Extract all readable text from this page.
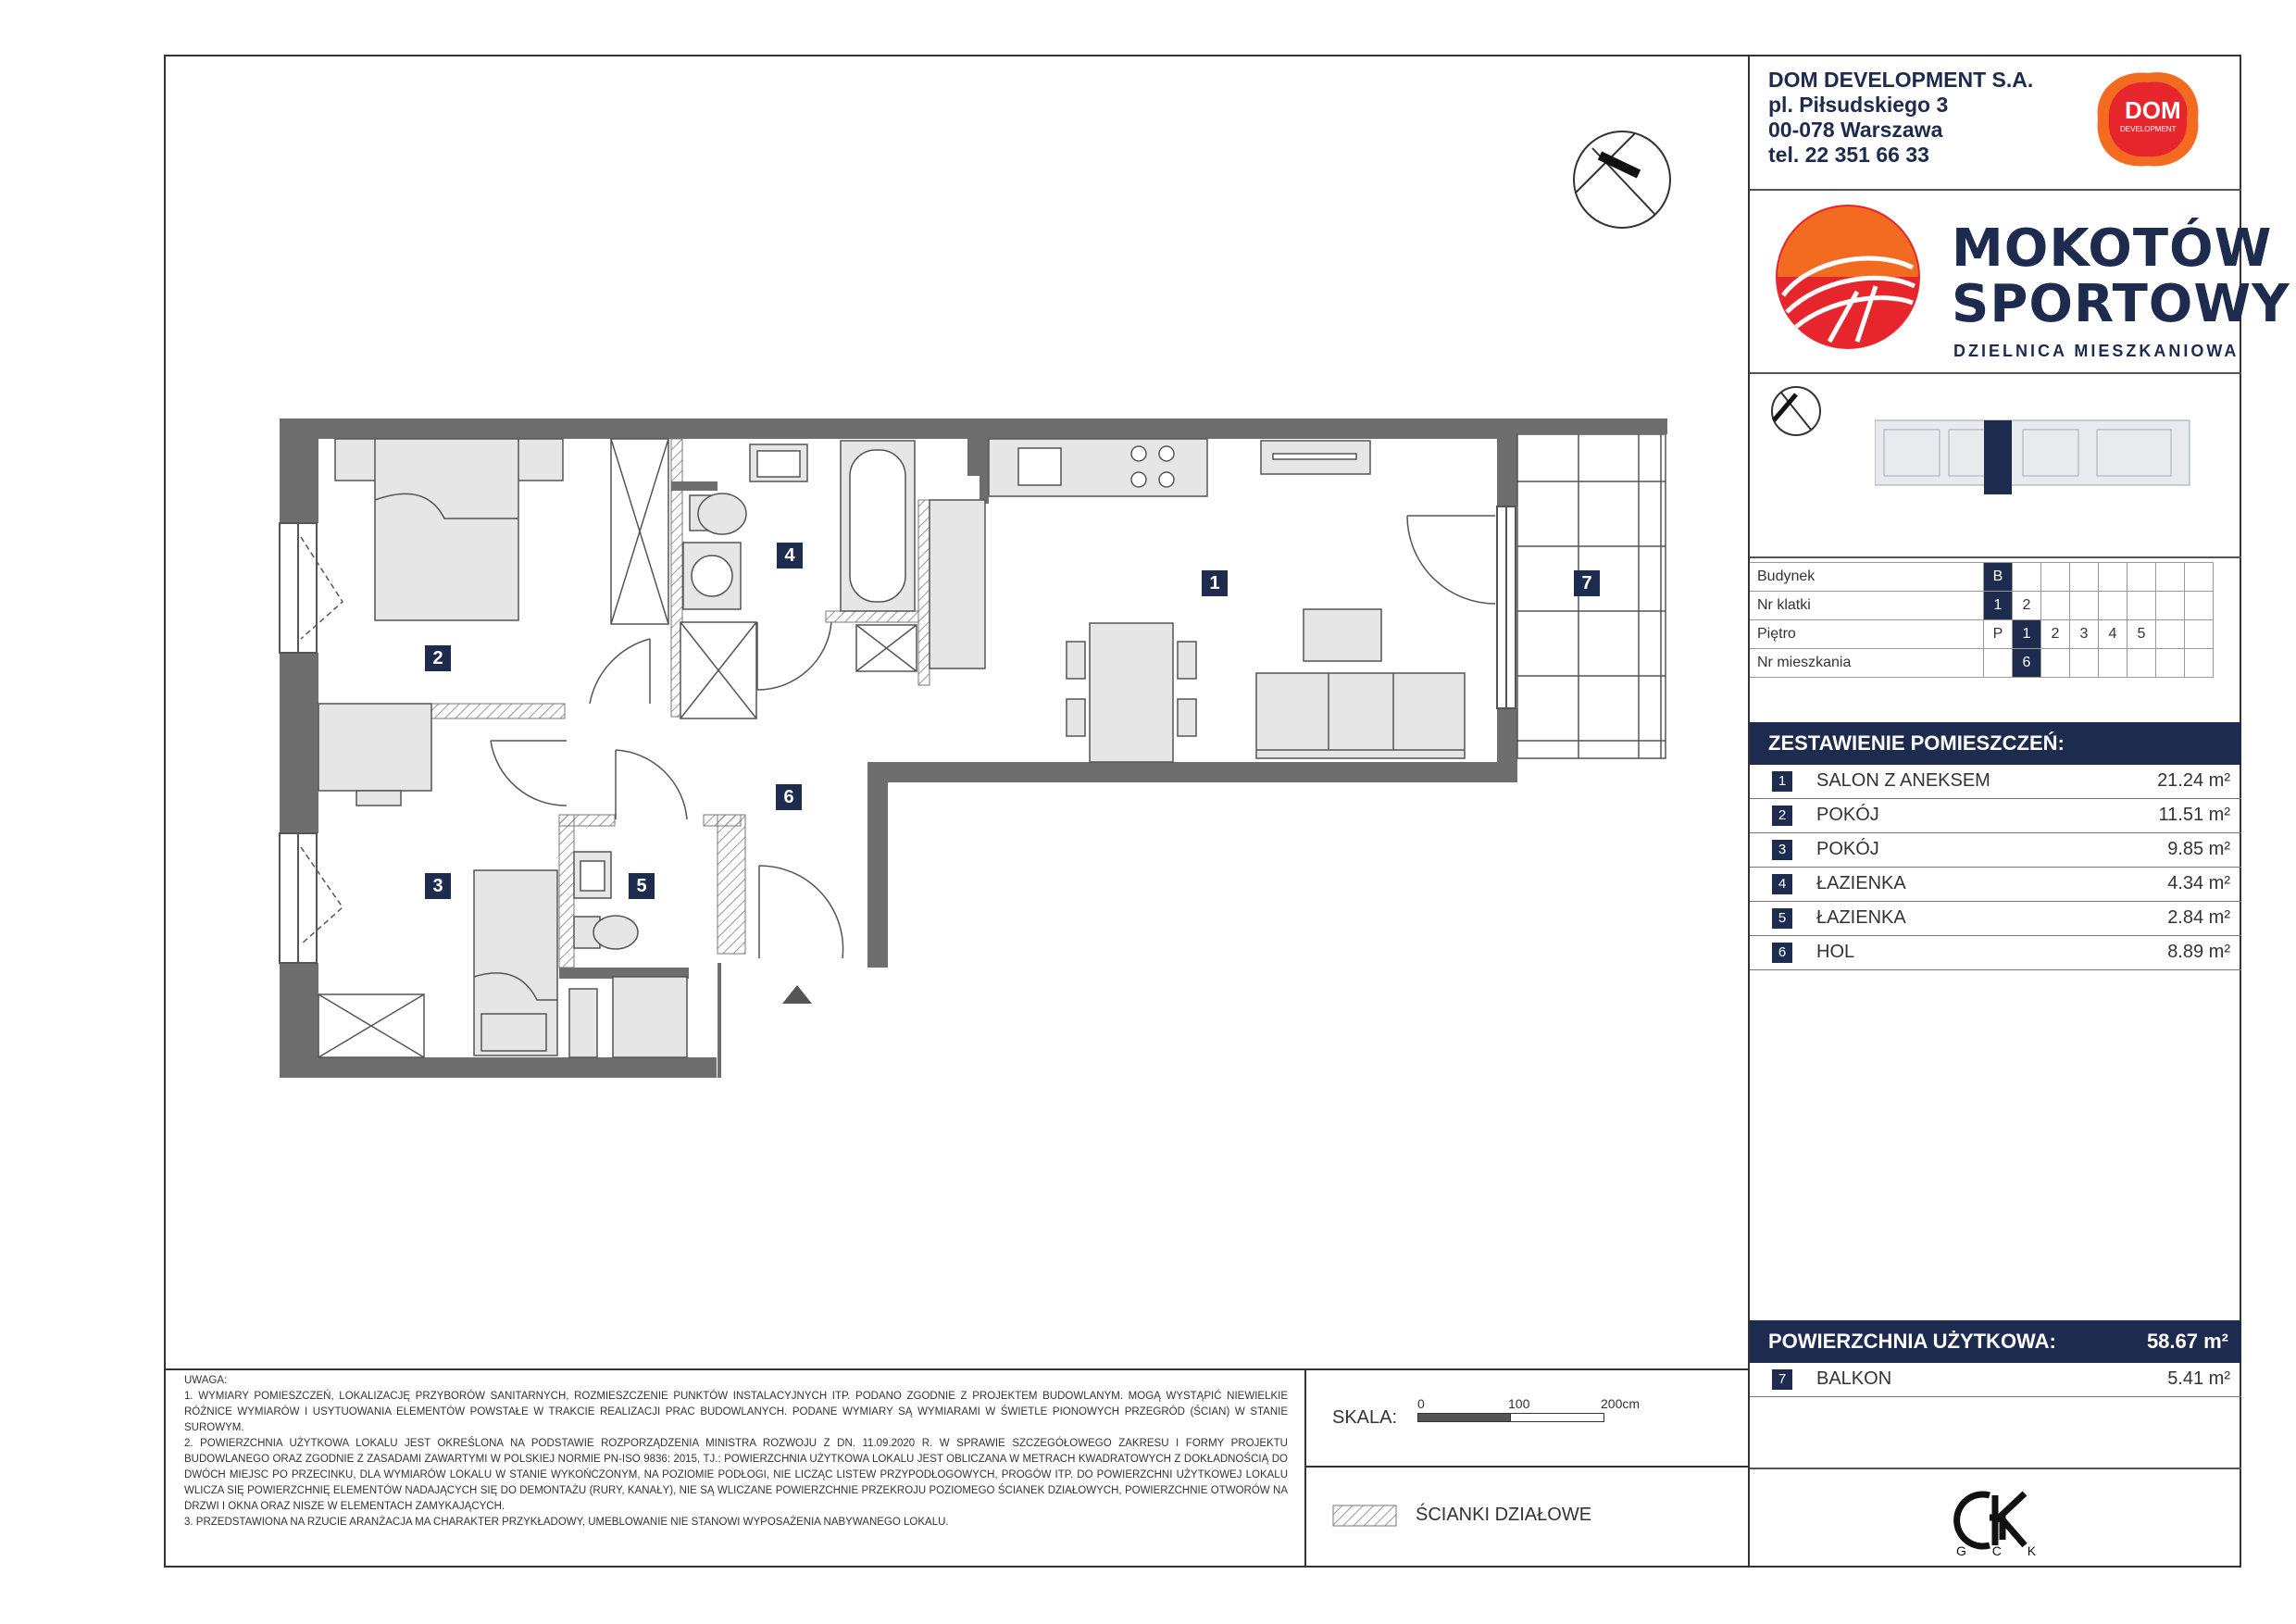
1
2
3
4
5
6
7
DOM DEVELOPMENT S.A.
pl. Piłsudskiego 3
00-078 Warszawa
tel. 22 351 66 33
DOM
DEVELOPMENT
MOKOTÓW
SPORTOWY
DZIELNICA MIESZKANIOWA
Budynek	B							
Nr klatki	1	2						
Piętro	P	1	2	3	4	5		
Nr mieszkania		6						
ZESTAWIENIE POMIESZCZEŃ:
1	SALON Z ANEKSEM	21.24 m²
2	POKÓJ	11.51 m²
3	POKÓJ	9.85 m²
4	ŁAZIENKA	4.34 m²
5	ŁAZIENKA	2.84 m²
6	HOL	8.89 m²
POWIERZCHNIA UŻYTKOWA:	58.67 m²
7	BALKON	5.41 m²
G C K
UWAGA:
1. WYMIARY POMIESZCZEŃ, LOKALIZACJĘ PRZYBORÓW SANITARNYCH, ROZMIESZCZENIE PUNKTÓW INSTALACYJNYCH ITP. PODANO ZGODNIE Z PROJEKTEM BUDOWLANYM. MOGĄ WYSTĄPIĆ NIEWIELKIE RÓŻNICE WYMIARÓW I USYTUOWANIA ELEMENTÓW POWSTAŁE W TRAKCIE REALIZACJI PRAC BUDOWLANYCH. PODANE WYMIARY SĄ WYMIARAMI W ŚWIETLE PIONOWYCH PRZEGRÓD (ŚCIAN) W STANIE SUROWYM.
2. POWIERZCHNIA UŻYTKOWA LOKALU JEST OKREŚLONA NA PODSTAWIE ROZPORZĄDZENIA MINISTRA ROZWOJU Z DN. 11.09.2020 R. W SPRAWIE SZCZEGÓŁOWEGO ZAKRESU I FORMY PROJEKTU BUDOWLANEGO ORAZ ZGODNIE Z ZASADAMI ZAWARTYMI W POLSKIEJ NORMIE PN-ISO 9836: 2015, TJ.: POWIERZCHNIA UŻYTKOWA LOKALU JEST OBLICZANA W METRACH KWADRATOWYCH Z DOKŁADNOŚCIĄ DO DWÓCH MIEJSC PO PRZECINKU, DLA WYMIARÓW LOKALU W STANIE WYKOŃCZONYM, NA POZIOMIE PODŁOGI, NIE LICZĄC LISTEW PRZYPODŁOGOWYCH, PROGÓW ITP. DO POWIERZCHNI UŻYTKOWEJ LOKALU WLICZA SIĘ POWIERZCHNIĘ ELEMENTÓW NADAJĄCYCH SIĘ DO DEMONTAŻU (RURY, KANAŁY), NIE SĄ WLICZANE POWIERZCHNIE PRZEKROJU POZIOMEGO ŚCIANEK DZIAŁOWYCH, POWIERZCHNIE OTWORÓW NA DRZWI I OKNA ORAZ NISZE W ELEMENTACH ZAMYKAJĄCYCH.
3. PRZEDSTAWIONA NA RZUCIE ARANŻACJA MA CHARAKTER PRZYKŁADOWY, UMEBLOWANIE NIE STANOWI WYPOSAŻENIA NABYWANEGO LOKALU.
SKALA:
0	100	200cm
ŚCIANKI DZIAŁOWE
